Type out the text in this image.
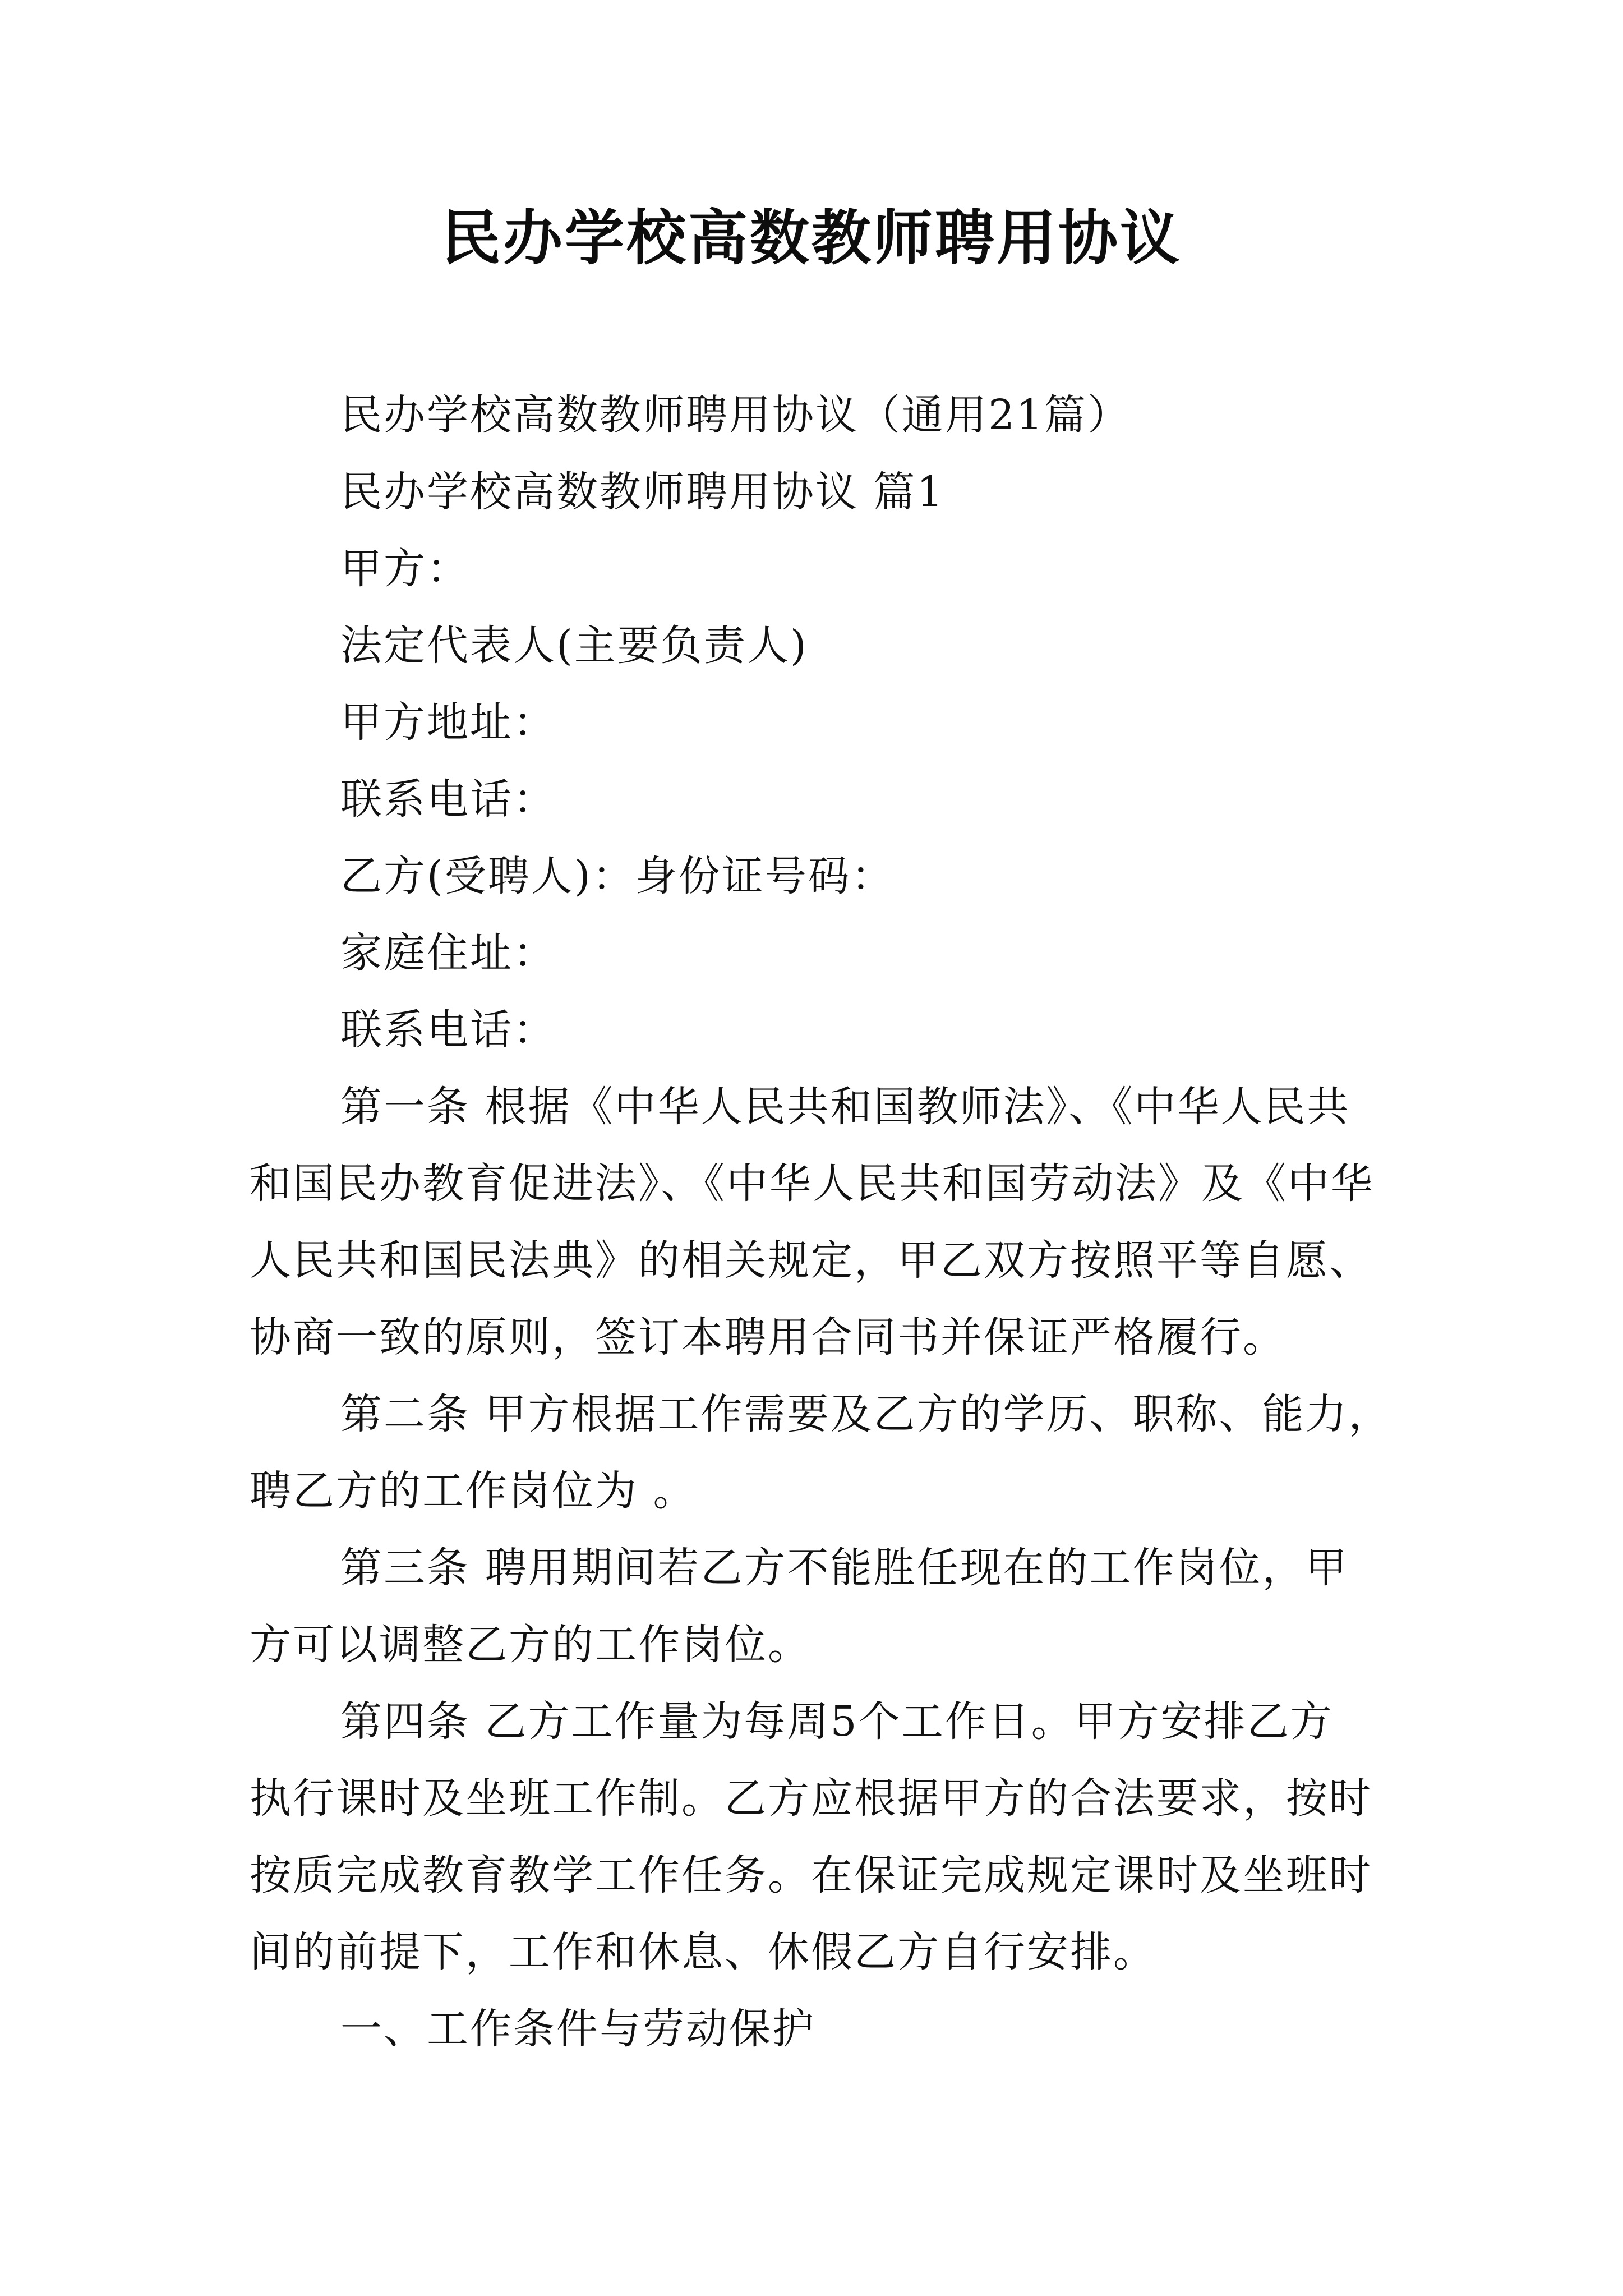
民办学校高数教师聘用协议
民办学校高数教师聘用协议（通用21篇）
民办学校高数教师聘用协议 篇1
甲方：
法定代表人(主要负责人)
甲方地址：
联系电话：
乙方(受聘人)：身份证号码：
家庭住址：
联系电话：
第一条 根据《中华人民共和国教师法》、《中华人民共
和国民办教育促进法》、《中华人民共和国劳动法》及《中华
人民共和国民法典》的相关规定，甲乙双方按照平等自愿、
协商一致的原则，签订本聘用合同书并保证严格履行。
第二条 甲方根据工作需要及乙方的学历、职称、能力，
聘乙方的工作岗位为 。
第三条 聘用期间若乙方不能胜任现在的工作岗位，甲
方可以调整乙方的工作岗位。
第四条 乙方工作量为每周5个工作日。甲方安排乙方
执行课时及坐班工作制。乙方应根据甲方的合法要求，按时
按质完成教育教学工作任务。在保证完成规定课时及坐班时
间的前提下，工作和休息、休假乙方自行安排。
一、工作条件与劳动保护
